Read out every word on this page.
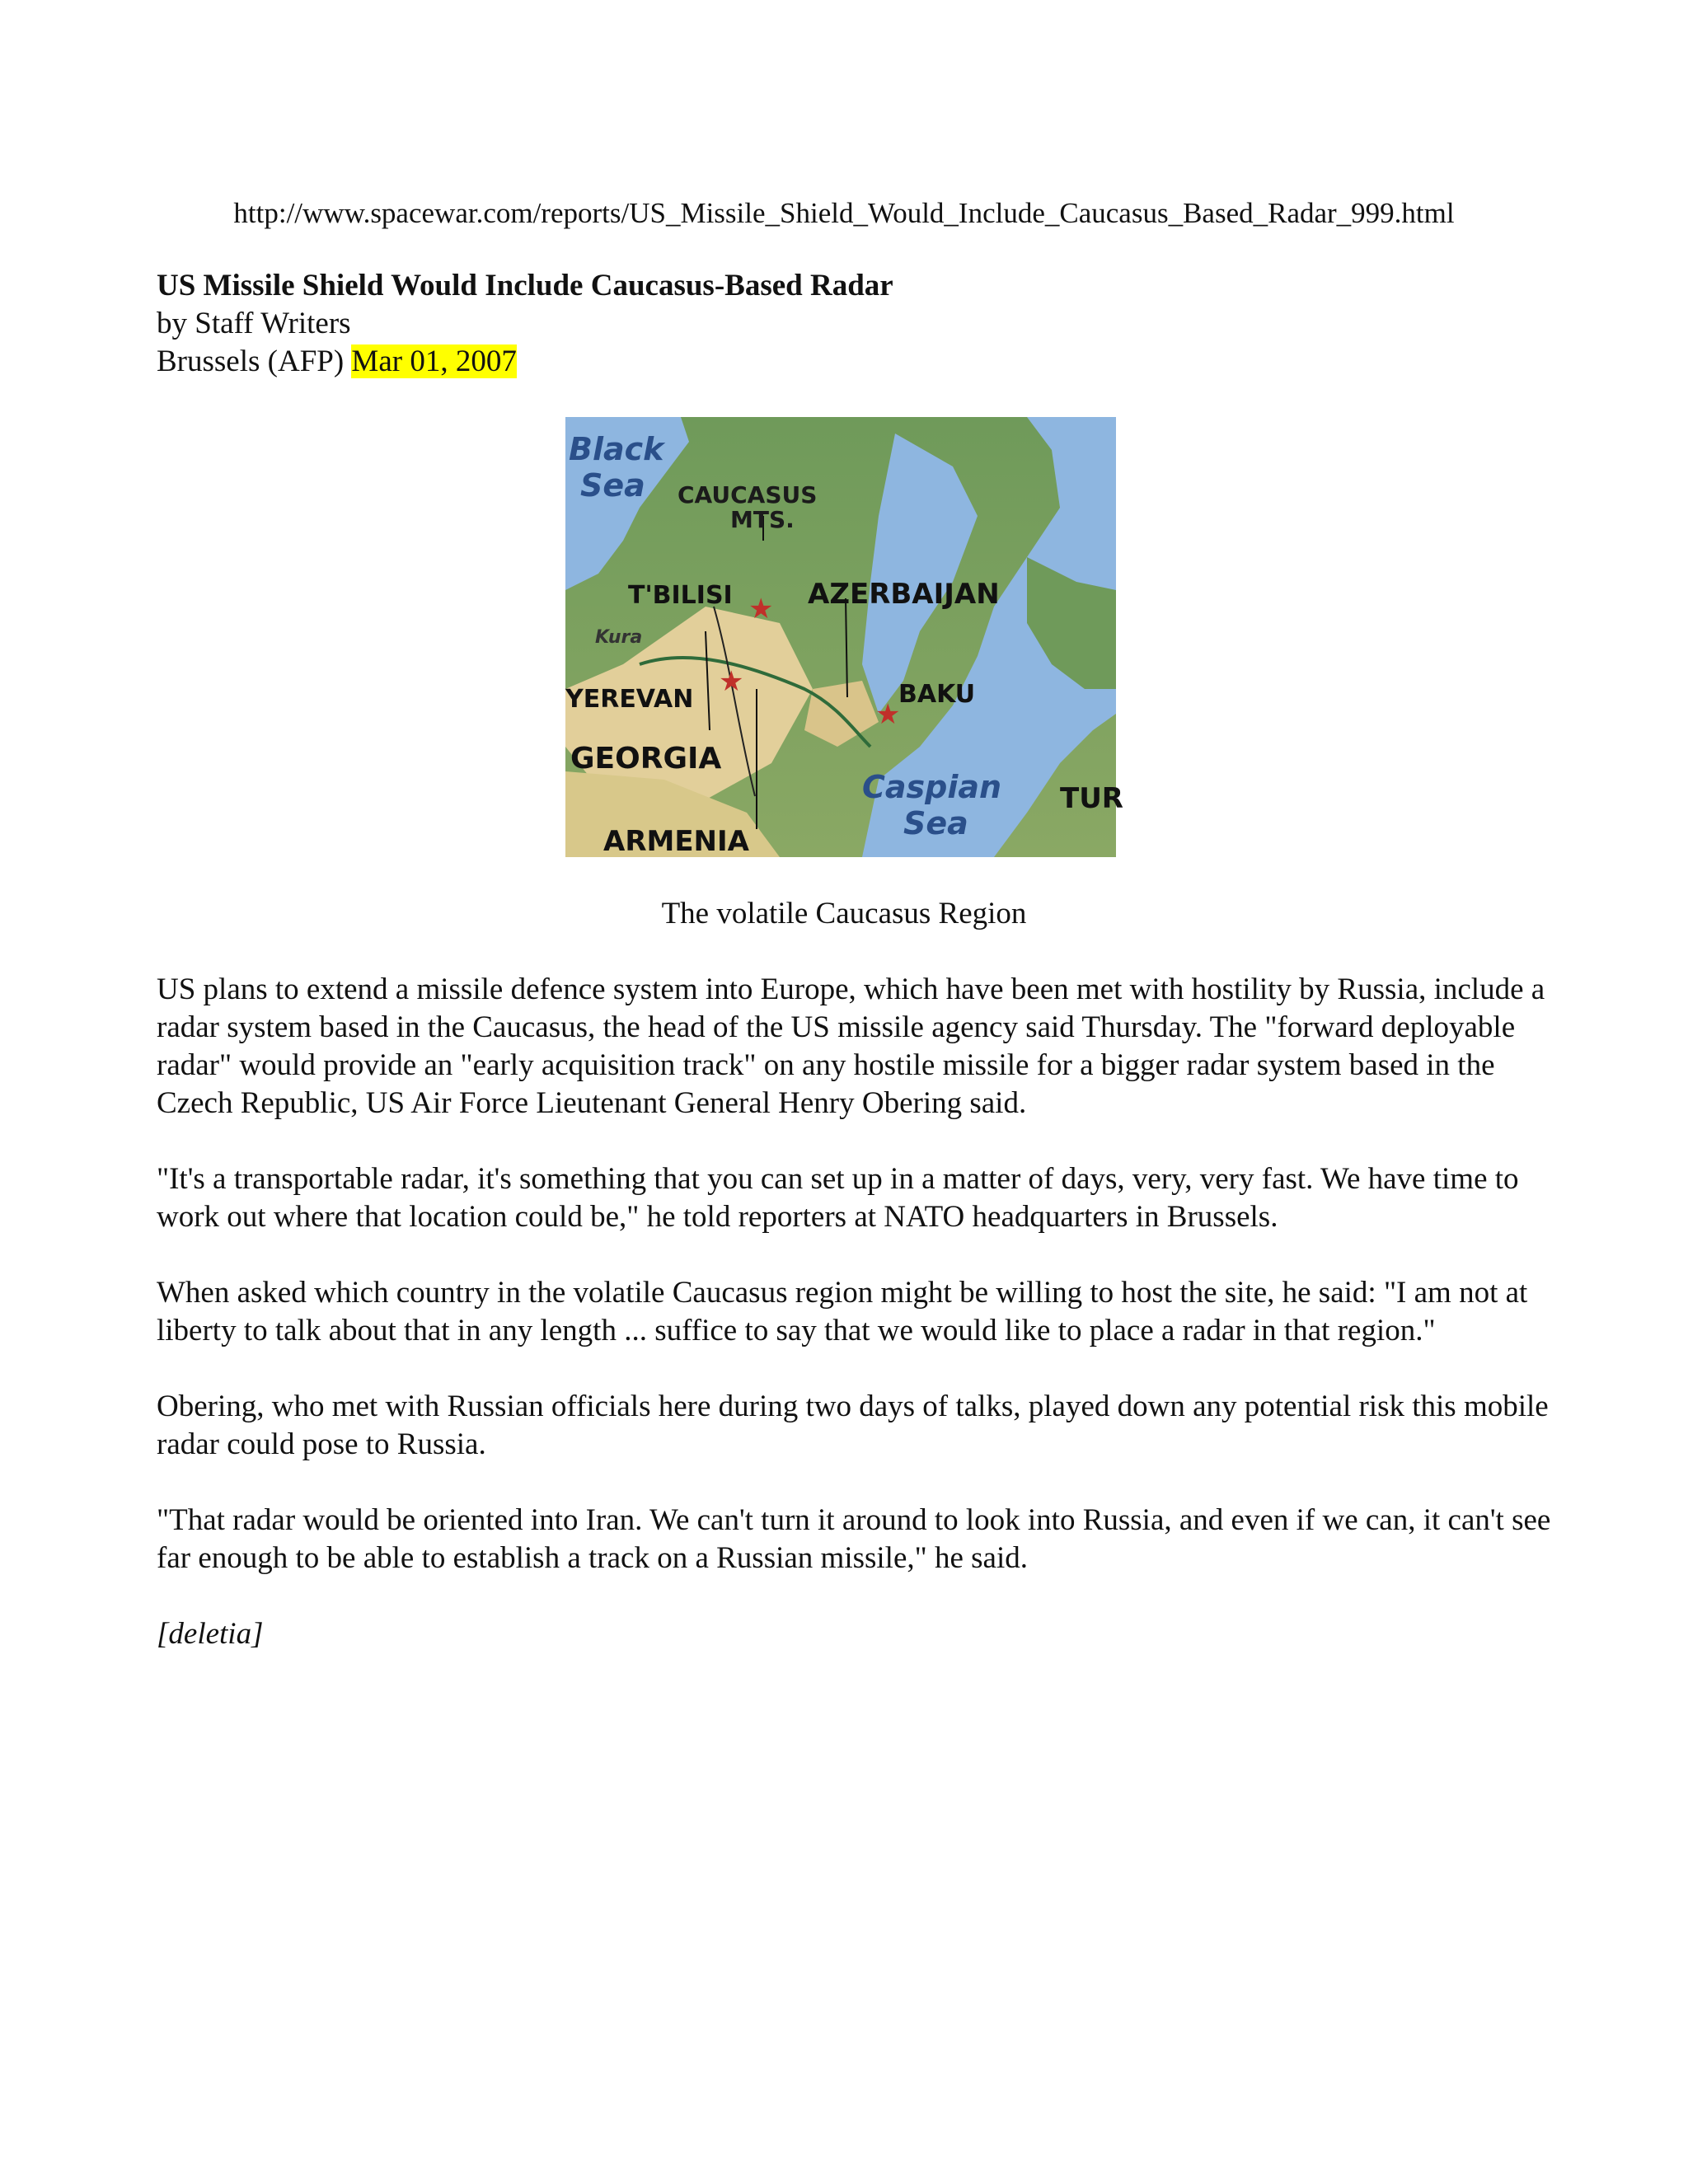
http://www.spacewar.com/reports/US_Missile_Shield_Would_Include_Caucasus_Based_Radar_999.html

US Missile Shield Would Include Caucasus-Based Radar

by Staff Writers

Brussels (AFP) Mar 01, 2007

★
★
★
Black
Sea CAUCASUS
MTS.
T'BILISI	AZERBAIJAN
Kura
YEREVAN	BAKU
GEORGIA
Caspian
Sea
TUR
ARMENIA
The volatile Caucasus Region

US plans to extend a missile defence system into Europe, which have been met with hostility by Russia, include a radar system based in the Caucasus, the head of the US missile agency said Thursday. The "forward deployable radar" would provide an "early acquisition track" on any hostile missile for a bigger radar system based in the Czech Republic, US Air Force Lieutenant General Henry Obering said.

"It's a transportable radar, it's something that you can set up in a matter of days, very, very fast. We have time to work out where that location could be," he told reporters at NATO headquarters in Brussels.

When asked which country in the volatile Caucasus region might be willing to host the site, he said: "I am not at liberty to talk about that in any length ... suffice to say that we would like to place a radar in that region."

Obering, who met with Russian officials here during two days of talks, played down any potential risk this mobile radar could pose to Russia.

"That radar would be oriented into Iran. We can't turn it around to look into Russia, and even if we can, it can't see far enough to be able to establish a track on a Russian missile," he said.

[deletia]
